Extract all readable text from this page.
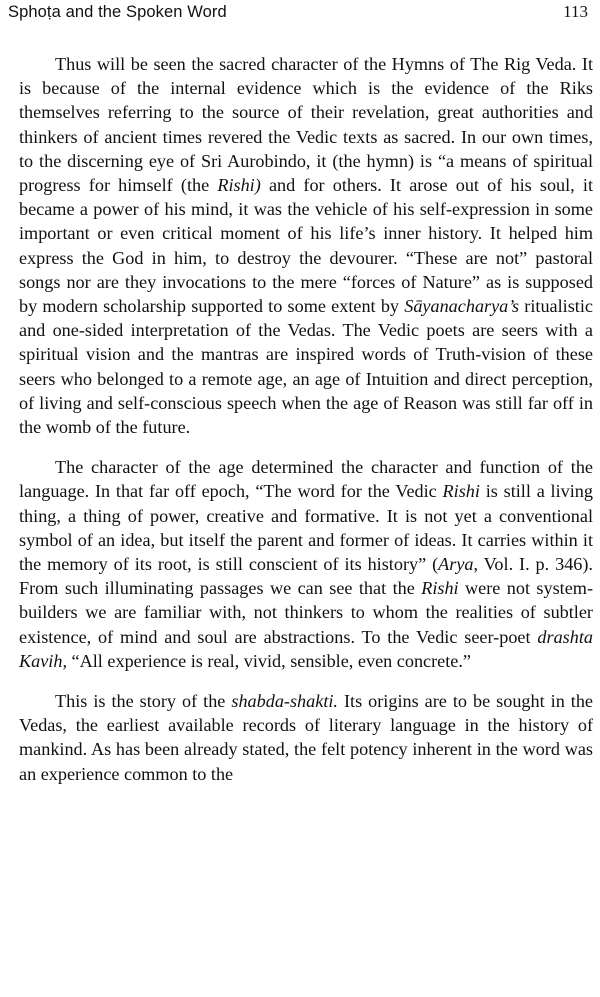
Sphoṭa and the Spoken Word	113

Thus will be seen the sacred character of the Hymns of The Rig Veda. It is because of the internal evidence which is the evidence of the Riks themselves referring to the source of their revelation, great authorities and thinkers of ancient times revered the Vedic texts as sacred. In our own times, to the discerning eye of Sri Aurobindo, it (the hymn) is “a means of spiritual progress for himself (the Rishi) and for others. It arose out of his soul, it became a power of his mind, it was the vehicle of his self-expression in some important or even critical moment of his life’s inner history. It helped him express the God in him, to destroy the devourer. “These are not” pastoral songs nor are they invocations to the mere “forces of Nature” as is supposed by modern scholarship supported to some extent by Sāyanacharya’s ritualistic and one-sided interpretation of the Vedas. The Vedic poets are seers with a spiritual vision and the mantras are inspired words of Truth-vision of these seers who belonged to a remote age, an age of Intuition and direct perception, of living and self-conscious speech when the age of Reason was still far off in the womb of the future.

The character of the age determined the character and function of the language. In that far off epoch, “The word for the Vedic Rishi is still a living thing, a thing of power, creative and formative. It is not yet a conventional symbol of an idea, but itself the parent and former of ideas. It carries within it the memory of its root, is still conscient of its history” (Arya, Vol. I. p. 346). From such illuminating passages we can see that the Rishi were not system-builders we are familiar with, not thinkers to whom the realities of subtler existence, of mind and soul are abstractions. To the Vedic seer-poet drashta Kavih, “All experience is real, vivid, sensible, even concrete.”

This is the story of the shabda-shakti. Its origins are to be sought in the Vedas, the earliest available records of literary language in the history of mankind. As has been already stated, the felt potency inherent in the word was an experience common to the
